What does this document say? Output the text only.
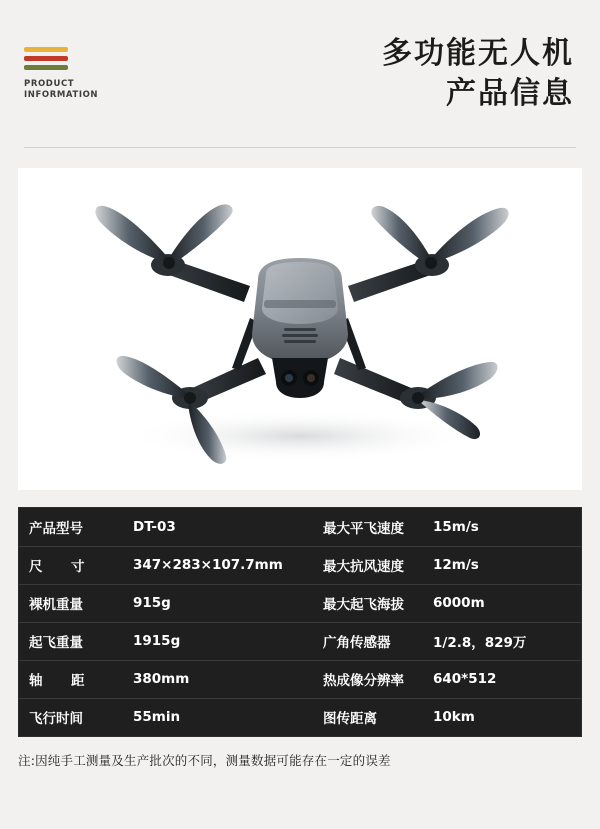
PRODUCT
INFORMATION
多功能无人机
产品信息
产品型号	DT-03	最大平飞速度	15m/s
尺　　寸	347×283×107.7mm	最大抗风速度	12m/s
裸机重量	915g	最大起飞海拔	6000m
起飞重量	1915g	广角传感器	1/2.8，829万
轴　　距	380mm	热成像分辨率	640*512
飞行时间	55min	图传距离	10km
注:因纯手工测量及生产批次的不同，测量数据可能存在一定的误差
